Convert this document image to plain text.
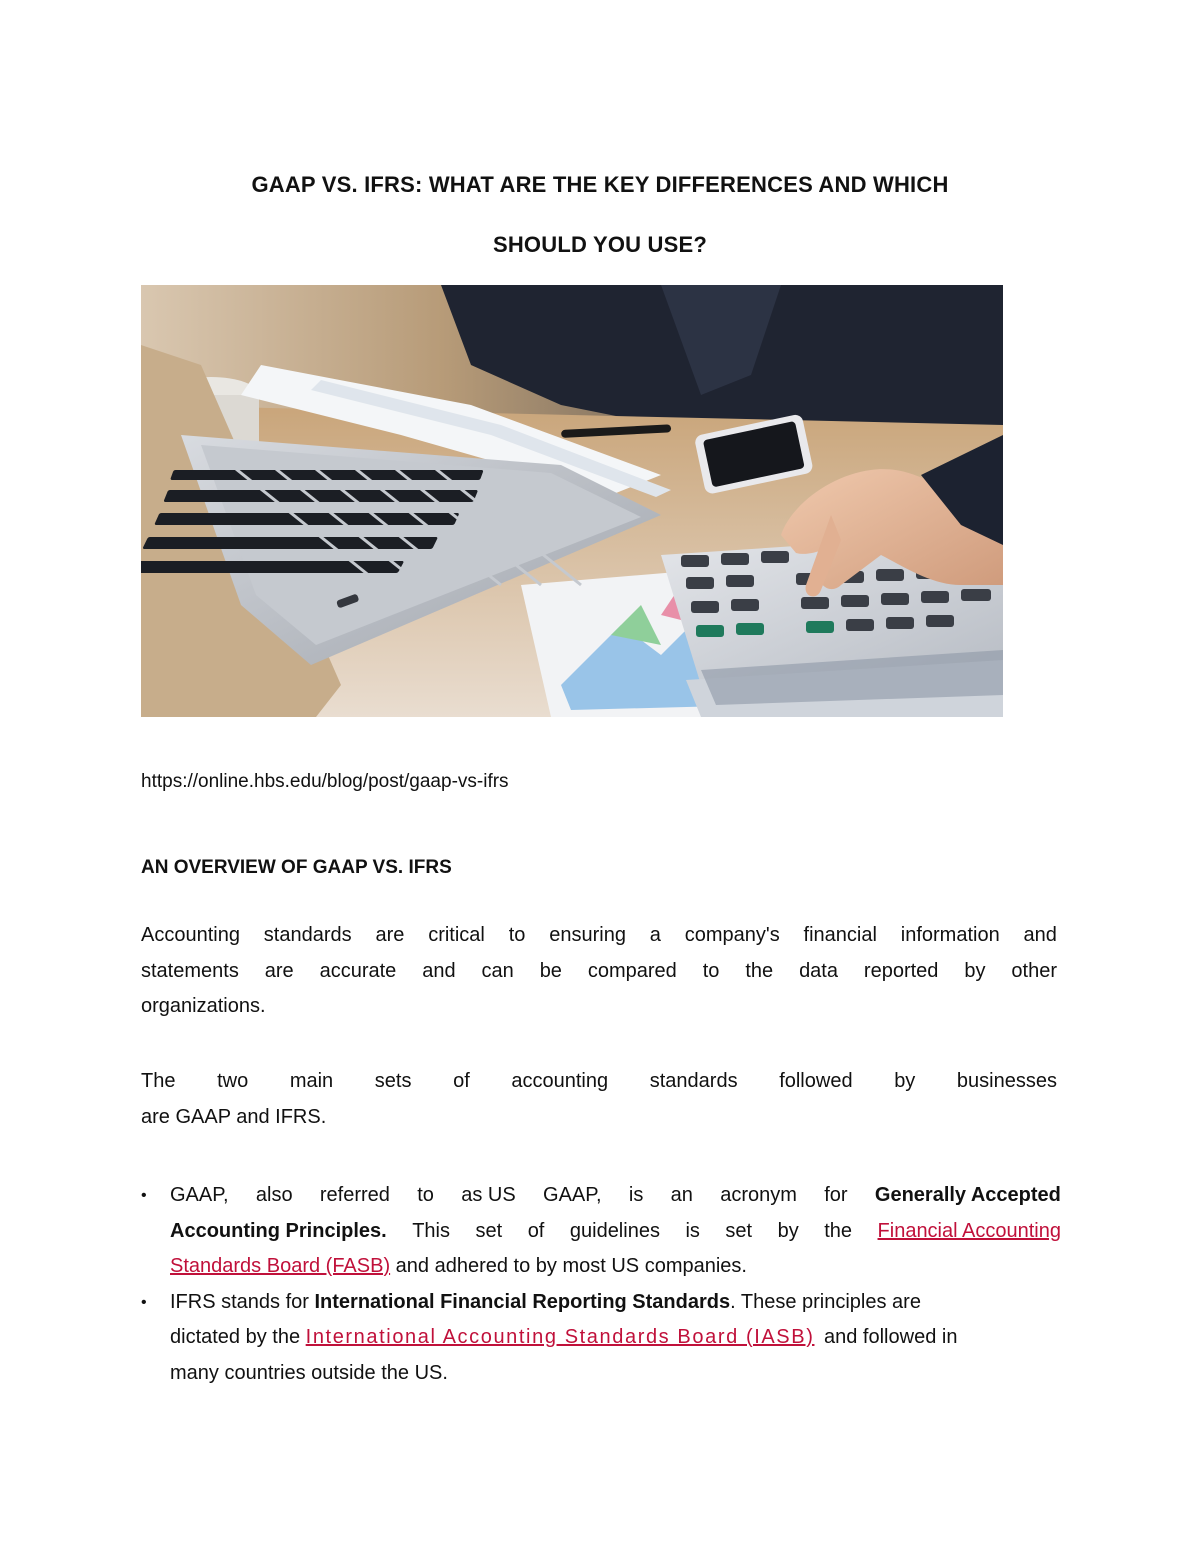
GAAP VS. IFRS: WHAT ARE THE KEY DIFFERENCES AND WHICH
SHOULD YOU USE?
https://online.hbs.edu/blog/post/gaap-vs-ifrs
AN OVERVIEW OF GAAP VS. IFRS
Accounting standards are critical to ensuring a company's financial information and
statements are accurate and can be compared to the data reported by other
organizations.
The two main sets of accounting standards followed by businesses
are GAAP and IFRS.
• GAAP, also referred to as US GAAP, is an acronym for Generally Accepted
Accounting Principles. This set of guidelines is set by the Financial Accounting
Standards Board (FASB) and adhered to by most US companies.
• IFRS stands for International Financial Reporting Standards . These principles are
dictated by the
International Accounting Standards Board (IASB) and followed in
many countries outside the US.
